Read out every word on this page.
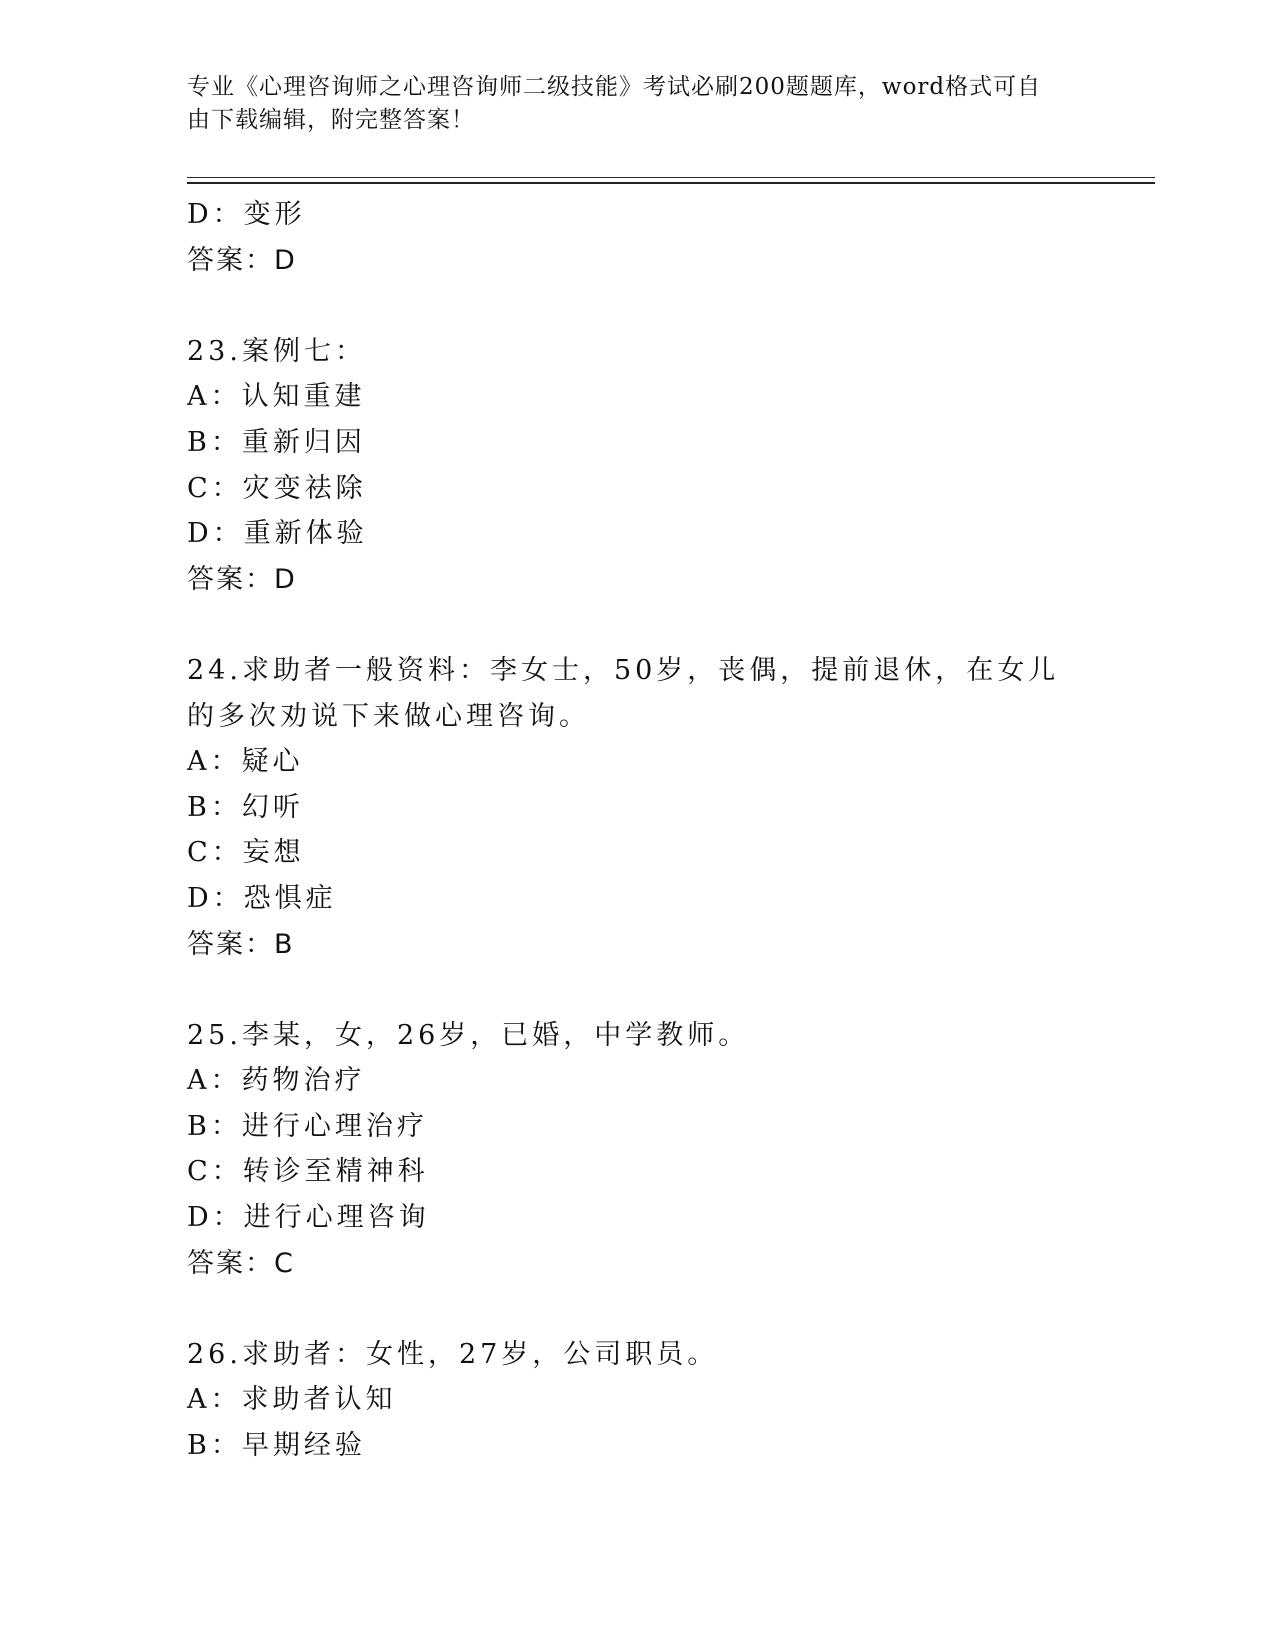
专业《心理咨询师之心理咨询师二级技能》考试必刷200题题库，word格式可自
由下载编辑，附完整答案！
D：变形
答案：D
23.案例七：
A：认知重建
B：重新归因
C：灾变祛除
D：重新体验
答案：D
24.求助者一般资料：李女士，50岁，丧偶，提前退休，在女儿的多次劝说下来做心理咨询。
A：疑心
B：幻听
C：妄想
D：恐惧症
答案：B
25.李某，女，26岁，已婚，中学教师。
A：药物治疗
B：进行心理治疗
C：转诊至精神科
D：进行心理咨询
答案：C
26.求助者：女性，27岁，公司职员。
A：求助者认知
B：早期经验
